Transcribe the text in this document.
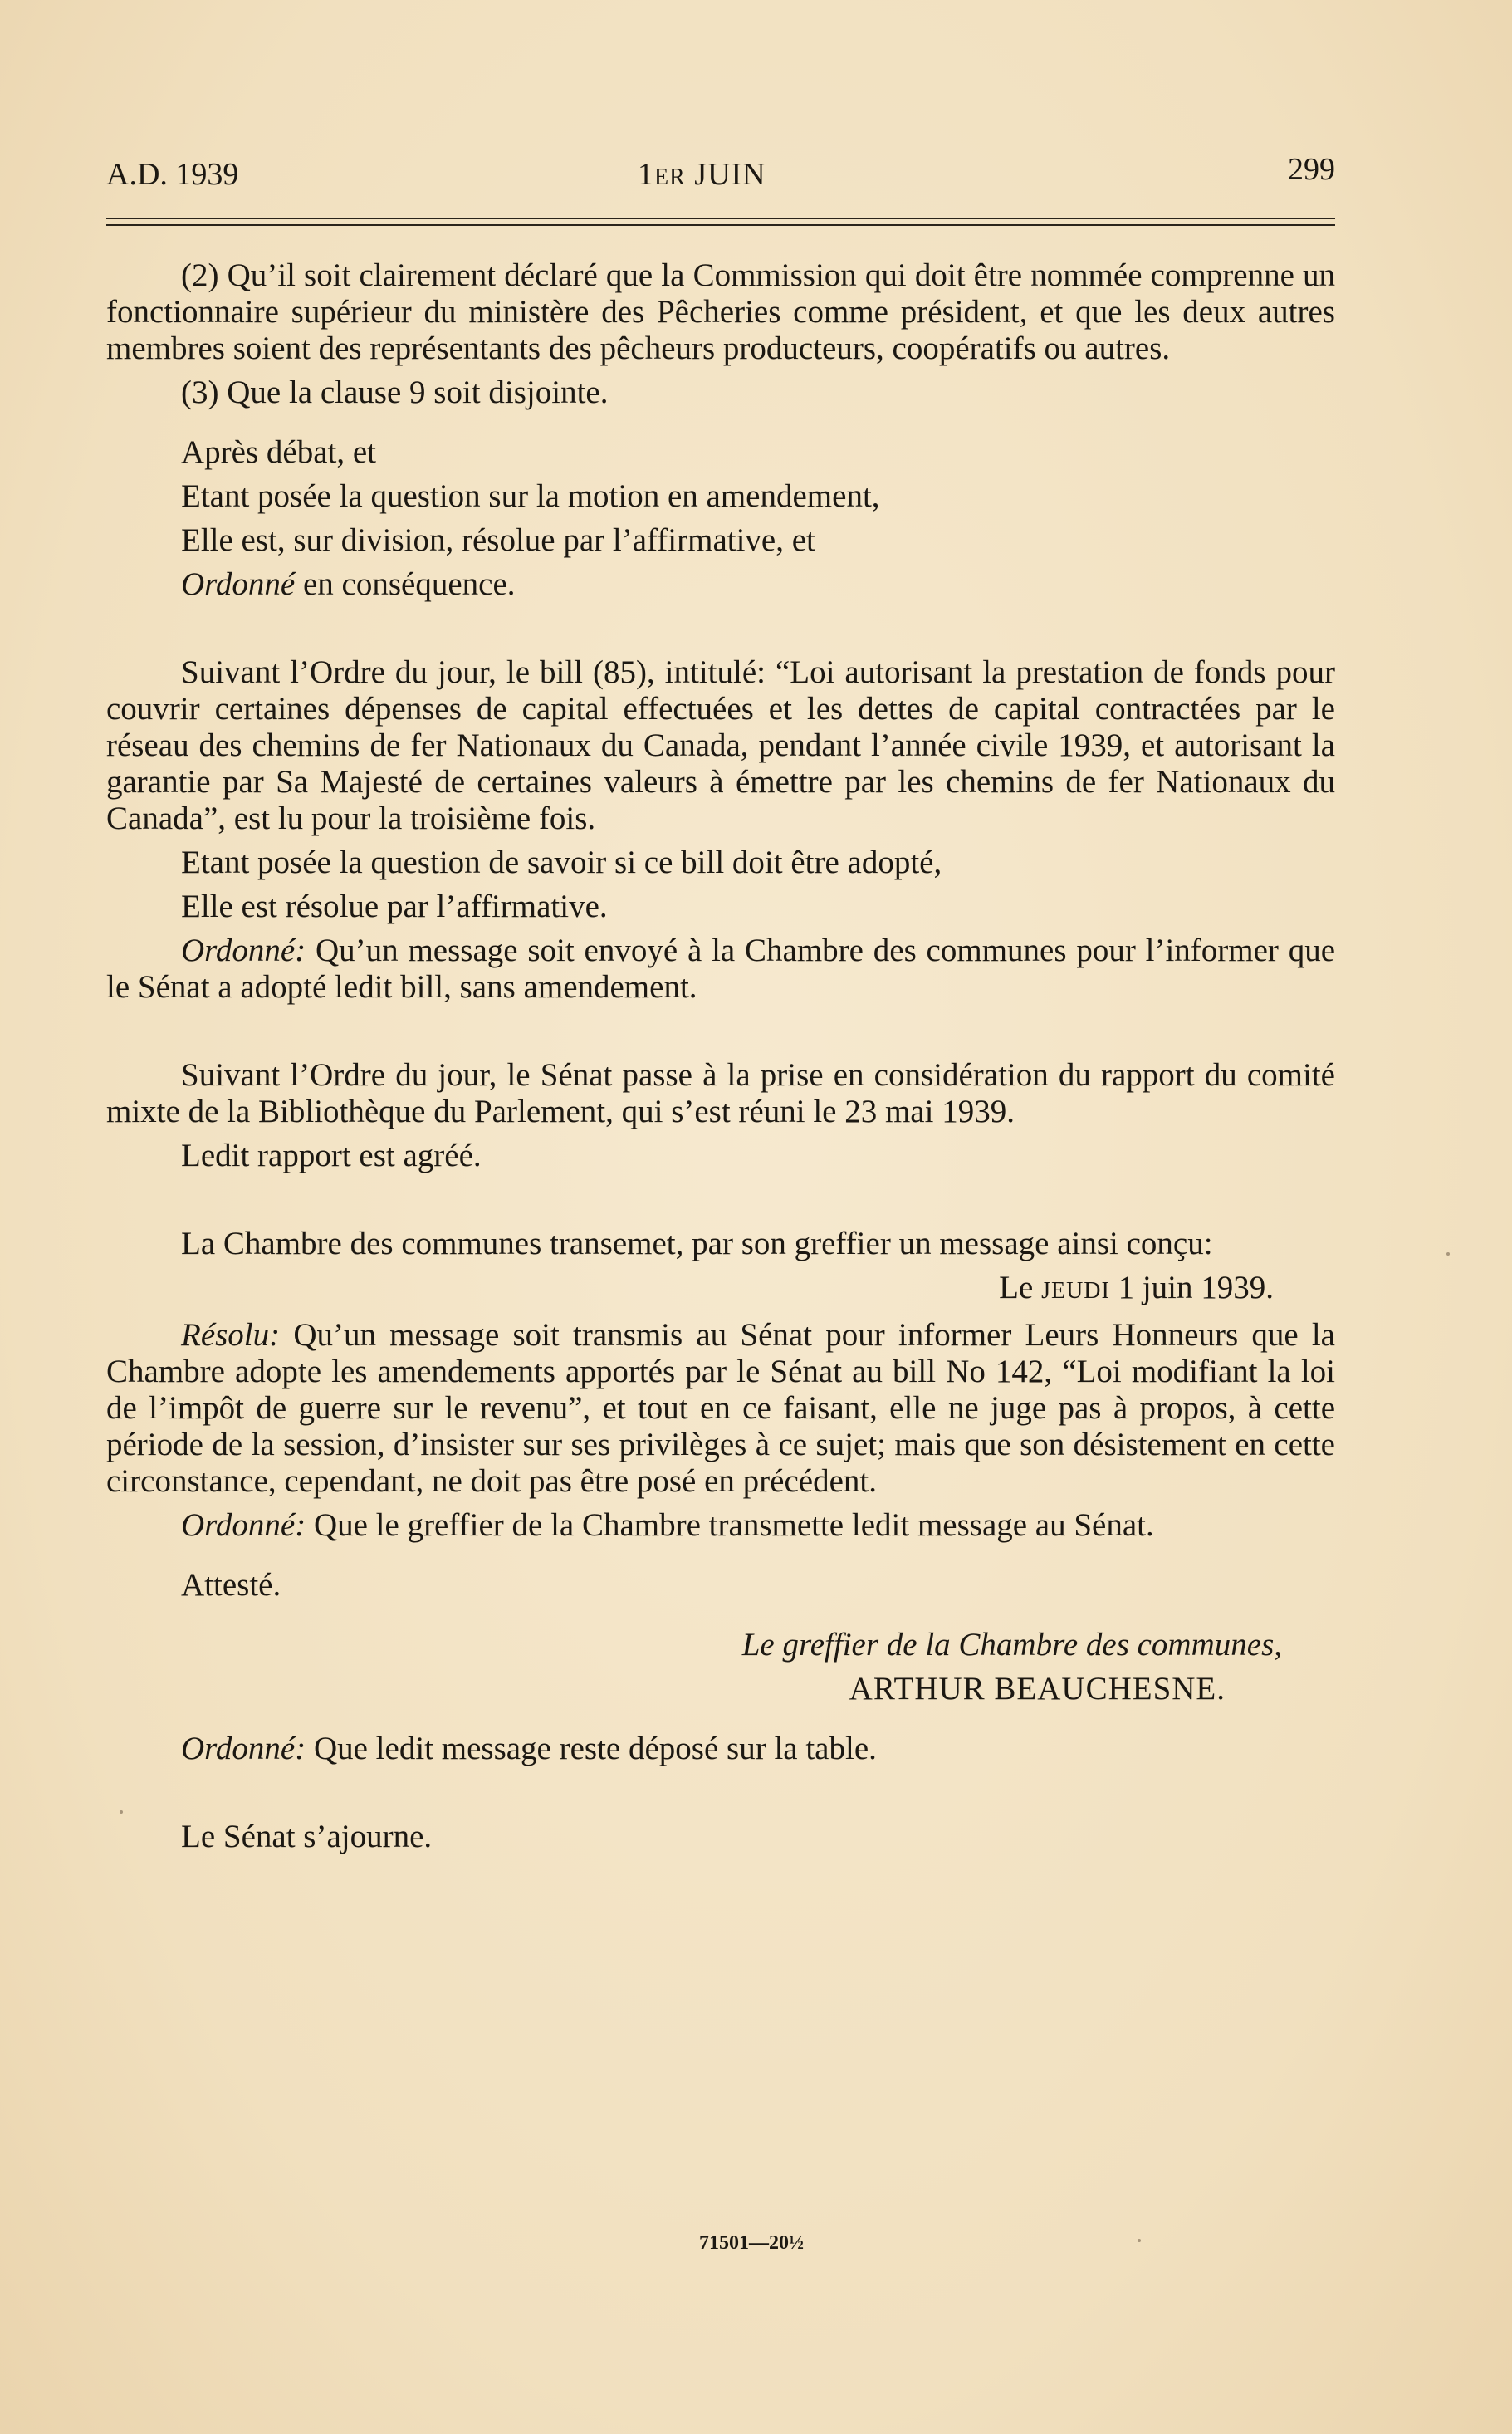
A.D. 1939	1ER JUIN	299

(2) Qu’il soit clairement déclaré que la Commission qui doit être nommée comprenne un fonctionnaire supérieur du ministère des Pêcheries comme président, et que les deux autres membres soient des représentants des pêcheurs producteurs, coopératifs ou autres.

(3) Que la clause 9 soit disjointe.

Après débat, et

Etant posée la question sur la motion en amendement,

Elle est, sur division, résolue par l’affirmative, et

Ordonné en conséquence.

Suivant l’Ordre du jour, le bill (85), intitulé: “Loi autorisant la prestation de fonds pour couvrir certaines dépenses de capital effectuées et les dettes de capital contractées par le réseau des chemins de fer Nationaux du Canada, pendant l’année civile 1939, et autorisant la garantie par Sa Majesté de certaines valeurs à émettre par les chemins de fer Nationaux du Canada”, est lu pour la troisième fois.

Etant posée la question de savoir si ce bill doit être adopté,

Elle est résolue par l’affirmative.

Ordonné: Qu’un message soit envoyé à la Chambre des communes pour l’informer que le Sénat a adopté ledit bill, sans amendement.

Suivant l’Ordre du jour, le Sénat passe à la prise en considération du rapport du comité mixte de la Bibliothèque du Parlement, qui s’est réuni le 23 mai 1939.

Ledit rapport est agréé.

La Chambre des communes transemet, par son greffier un message ainsi conçu:

Le JEUDI 1 juin 1939.

Résolu: Qu’un message soit transmis au Sénat pour informer Leurs Honneurs que la Chambre adopte les amendements apportés par le Sénat au bill No 142, “Loi modifiant la loi de l’impôt de guerre sur le revenu”, et tout en ce faisant, elle ne juge pas à propos, à cette période de la session, d’insister sur ses privilèges à ce sujet; mais que son désistement en cette circonstance, cependant, ne doit pas être posé en précédent.

Ordonné: Que le greffier de la Chambre transmette ledit message au Sénat.

Attesté.

Le greffier de la Chambre des communes,

ARTHUR BEAUCHESNE.

Ordonné: Que ledit message reste déposé sur la table.

Le Sénat s’ajourne.

71501—20½
